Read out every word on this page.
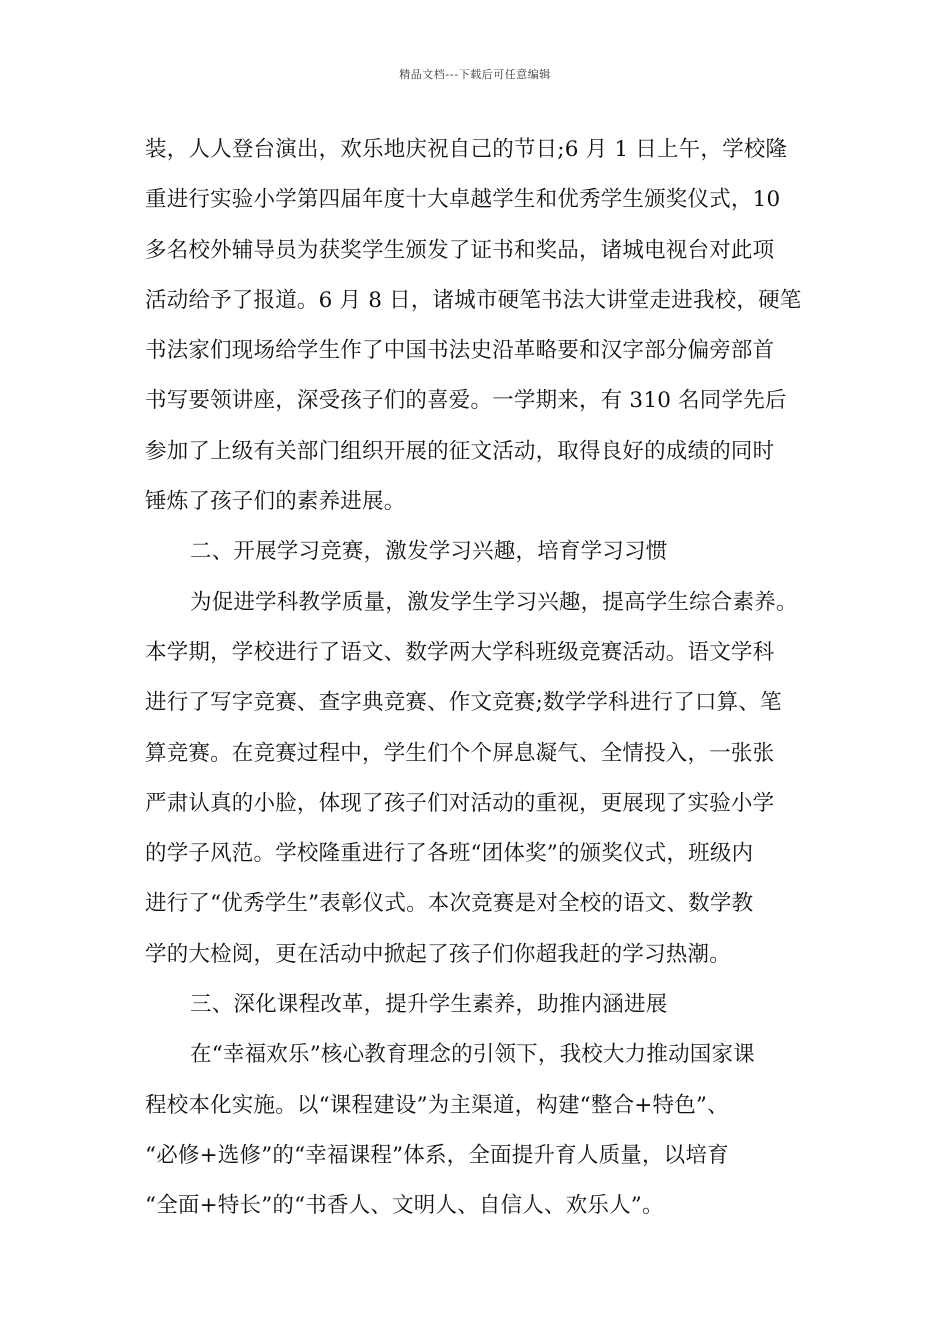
精品文档---下载后可任意编辑
装，人人登台演出，欢乐地庆祝自己的节日;6 月 1 日上午，学校隆
重进行实验小学第四届年度十大卓越学生和优秀学生颁奖仪式，10
多名校外辅导员为获奖学生颁发了证书和奖品，诸城电视台对此项
活动给予了报道。6 月 8 日，诸城市硬笔书法大讲堂走进我校，硬笔
书法家们现场给学生作了中国书法史沿革略要和汉字部分偏旁部首
书写要领讲座，深受孩子们的喜爱。一学期来，有 310 名同学先后
参加了上级有关部门组织开展的征文活动，取得良好的成绩的同时
锤炼了孩子们的素养进展。
二、开展学习竞赛，激发学习兴趣，培育学习习惯
为促进学科教学质量，激发学生学习兴趣，提高学生综合素养。
本学期，学校进行了语文、数学两大学科班级竞赛活动。语文学科
进行了写字竞赛、查字典竞赛、作文竞赛;数学学科进行了口算、笔
算竞赛。在竞赛过程中，学生们个个屏息凝气、全情投入，一张张
严肃认真的小脸，体现了孩子们对活动的重视，更展现了实验小学
的学子风范。学校隆重进行了各班“团体奖”的颁奖仪式，班级内
进行了“优秀学生”表彰仪式。本次竞赛是对全校的语文、数学教
学的大检阅，更在活动中掀起了孩子们你超我赶的学习热潮。
三、深化课程改革，提升学生素养，助推内涵进展
在“幸福欢乐”核心教育理念的引领下，我校大力推动国家课
程校本化实施。以“课程建设”为主渠道，构建“整合+特色”、
“必修+选修”的“幸福课程”体系，全面提升育人质量，以培育
“全面+特长”的“书香人、文明人、自信人、欢乐人”。
